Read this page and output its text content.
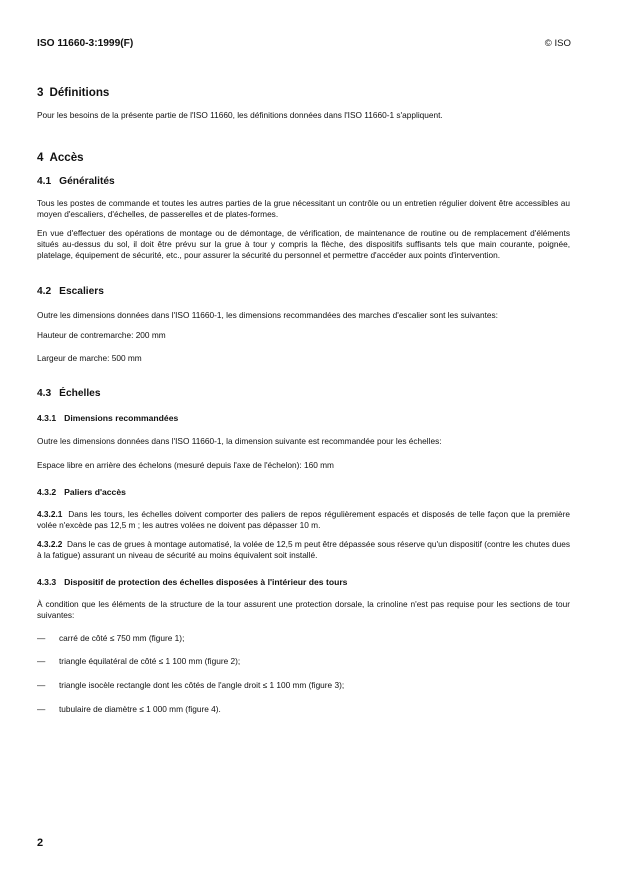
ISO 11660-3:1999(F)	© ISO
3 Définitions

Pour les besoins de la présente partie de l'ISO 11660, les définitions données dans l'ISO 11660-1 s'appliquent.

4 Accès
4.1 Généralités

Tous les postes de commande et toutes les autres parties de la grue nécessitant un contrôle ou un entretien régulier doivent être accessibles au moyen d'escaliers, d'échelles, de passerelles et de plates-formes.

En vue d'effectuer des opérations de montage ou de démontage, de vérification, de maintenance de routine ou de remplacement d'éléments situés au-dessus du sol, il doit être prévu sur la grue à tour y compris la flèche, des dispositifs suffisants tels que main courante, poignée, platelage, équipement de sécurité, etc., pour assurer la sécurité du personnel et permettre d'accéder aux points d'intervention.

4.2 Escaliers

Outre les dimensions données dans l'ISO 11660-1, les dimensions recommandées des marches d'escalier sont les suivantes:

Hauteur de contremarche: 200 mm

Largeur de marche: 500 mm

4.3 Échelles
4.3.1 Dimensions recommandées

Outre les dimensions données dans l'ISO 11660-1, la dimension suivante est recommandée pour les échelles:

Espace libre en arrière des échelons (mesuré depuis l'axe de l'échelon): 160 mm

4.3.2 Paliers d'accès

4.3.2.1 Dans les tours, les échelles doivent comporter des paliers de repos régulièrement espacés et disposés de telle façon que la première volée n'excède pas 12,5 m ; les autres volées ne doivent pas dépasser 10 m.

4.3.2.2 Dans le cas de grues à montage automatisé, la volée de 12,5 m peut être dépassée sous réserve qu'un dispositif (contre les chutes dues à la fatigue) assurant un niveau de sécurité au moins équivalent soit installé.

4.3.3 Dispositif de protection des échelles disposées à l'intérieur des tours

À condition que les éléments de la structure de la tour assurent une protection dorsale, la crinoline n'est pas requise pour les sections de tour suivantes:

—	carré de côté ≤ 750 mm (figure 1);
—	triangle équilatéral de côté ≤ 1 100 mm (figure 2);
—	triangle isocèle rectangle dont les côtés de l'angle droit ≤ 1 100 mm (figure 3);
—	tubulaire de diamètre ≤ 1 000 mm (figure 4).
2
